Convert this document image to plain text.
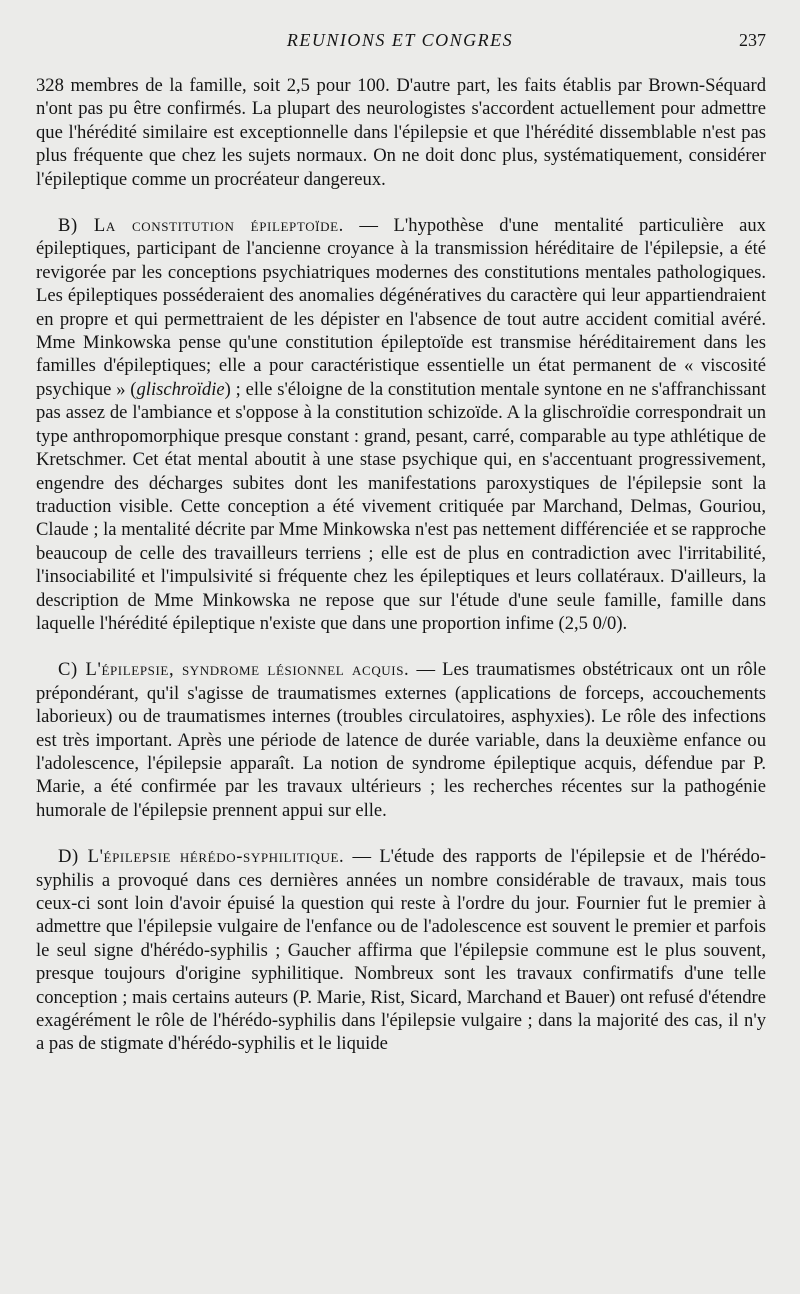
REUNIONS ET CONGRES	237

328 membres de la famille, soit 2,5 pour 100. D'autre part, les faits établis par Brown-Séquard n'ont pas pu être confirmés. La plupart des neurologistes s'accordent actuellement pour admettre que l'hérédité similaire est exceptionnelle dans l'épilepsie et que l'hérédité dissemblable n'est pas plus fréquente que chez les sujets normaux. On ne doit donc plus, systématiquement, considérer l'épileptique comme un procréateur dangereux.

B) La constitution épileptoïde. — L'hypothèse d'une mentalité particulière aux épileptiques, participant de l'ancienne croyance à la transmission héréditaire de l'épilepsie, a été revigorée par les conceptions psychiatriques modernes des constitutions mentales pathologiques. Les épileptiques posséderaient des anomalies dégénératives du caractère qui leur appartiendraient en propre et qui permettraient de les dépister en l'absence de tout autre accident comitial avéré. Mme Minkowska pense qu'une constitution épileptoïde est transmise héréditairement dans les familles d'épileptiques; elle a pour caractéristique essentielle un état permanent de « viscosité psychique » (glischroïdie) ; elle s'éloigne de la constitution mentale syntone en ne s'affranchissant pas assez de l'ambiance et s'oppose à la constitution schizoïde. A la glischroïdie correspondrait un type anthropomorphique presque constant : grand, pesant, carré, comparable au type athlétique de Kretschmer. Cet état mental aboutit à une stase psychique qui, en s'accentuant progressivement, engendre des décharges subites dont les manifestations paroxystiques de l'épilepsie sont la traduction visible. Cette conception a été vivement critiquée par Marchand, Delmas, Gouriou, Claude ; la mentalité décrite par Mme Minkowska n'est pas nettement différenciée et se rapproche beaucoup de celle des travailleurs terriens ; elle est de plus en contradiction avec l'irritabilité, l'insociabilité et l'impulsivité si fréquente chez les épileptiques et leurs collatéraux. D'ailleurs, la description de Mme Minkowska ne repose que sur l'étude d'une seule famille, famille dans laquelle l'hérédité épileptique n'existe que dans une proportion infime (2,5 0/0).

C) L'épilepsie, syndrome lésionnel acquis. — Les traumatismes obstétricaux ont un rôle prépondérant, qu'il s'agisse de traumatismes externes (applications de forceps, accouchements laborieux) ou de traumatismes internes (troubles circulatoires, asphyxies). Le rôle des infections est très important. Après une période de latence de durée variable, dans la deuxième enfance ou l'adolescence, l'épilepsie apparaît. La notion de syndrome épileptique acquis, défendue par P. Marie, a été confirmée par les travaux ultérieurs ; les recherches récentes sur la pathogénie humorale de l'épilepsie prennent appui sur elle.

D) L'épilepsie hérédo-syphilitique. — L'étude des rapports de l'épilepsie et de l'hérédo-syphilis a provoqué dans ces dernières années un nombre considérable de travaux, mais tous ceux-ci sont loin d'avoir épuisé la question qui reste à l'ordre du jour. Fournier fut le premier à admettre que l'épilepsie vulgaire de l'enfance ou de l'adolescence est souvent le premier et parfois le seul signe d'hérédo-syphilis ; Gaucher affirma que l'épilepsie commune est le plus souvent, presque toujours d'origine syphilitique. Nombreux sont les travaux confirmatifs d'une telle conception ; mais certains auteurs (P. Marie, Rist, Sicard, Marchand et Bauer) ont refusé d'étendre exagérément le rôle de l'hérédo-syphilis dans l'épilepsie vulgaire ; dans la majorité des cas, il n'y a pas de stigmate d'hérédo-syphilis et le liquide
